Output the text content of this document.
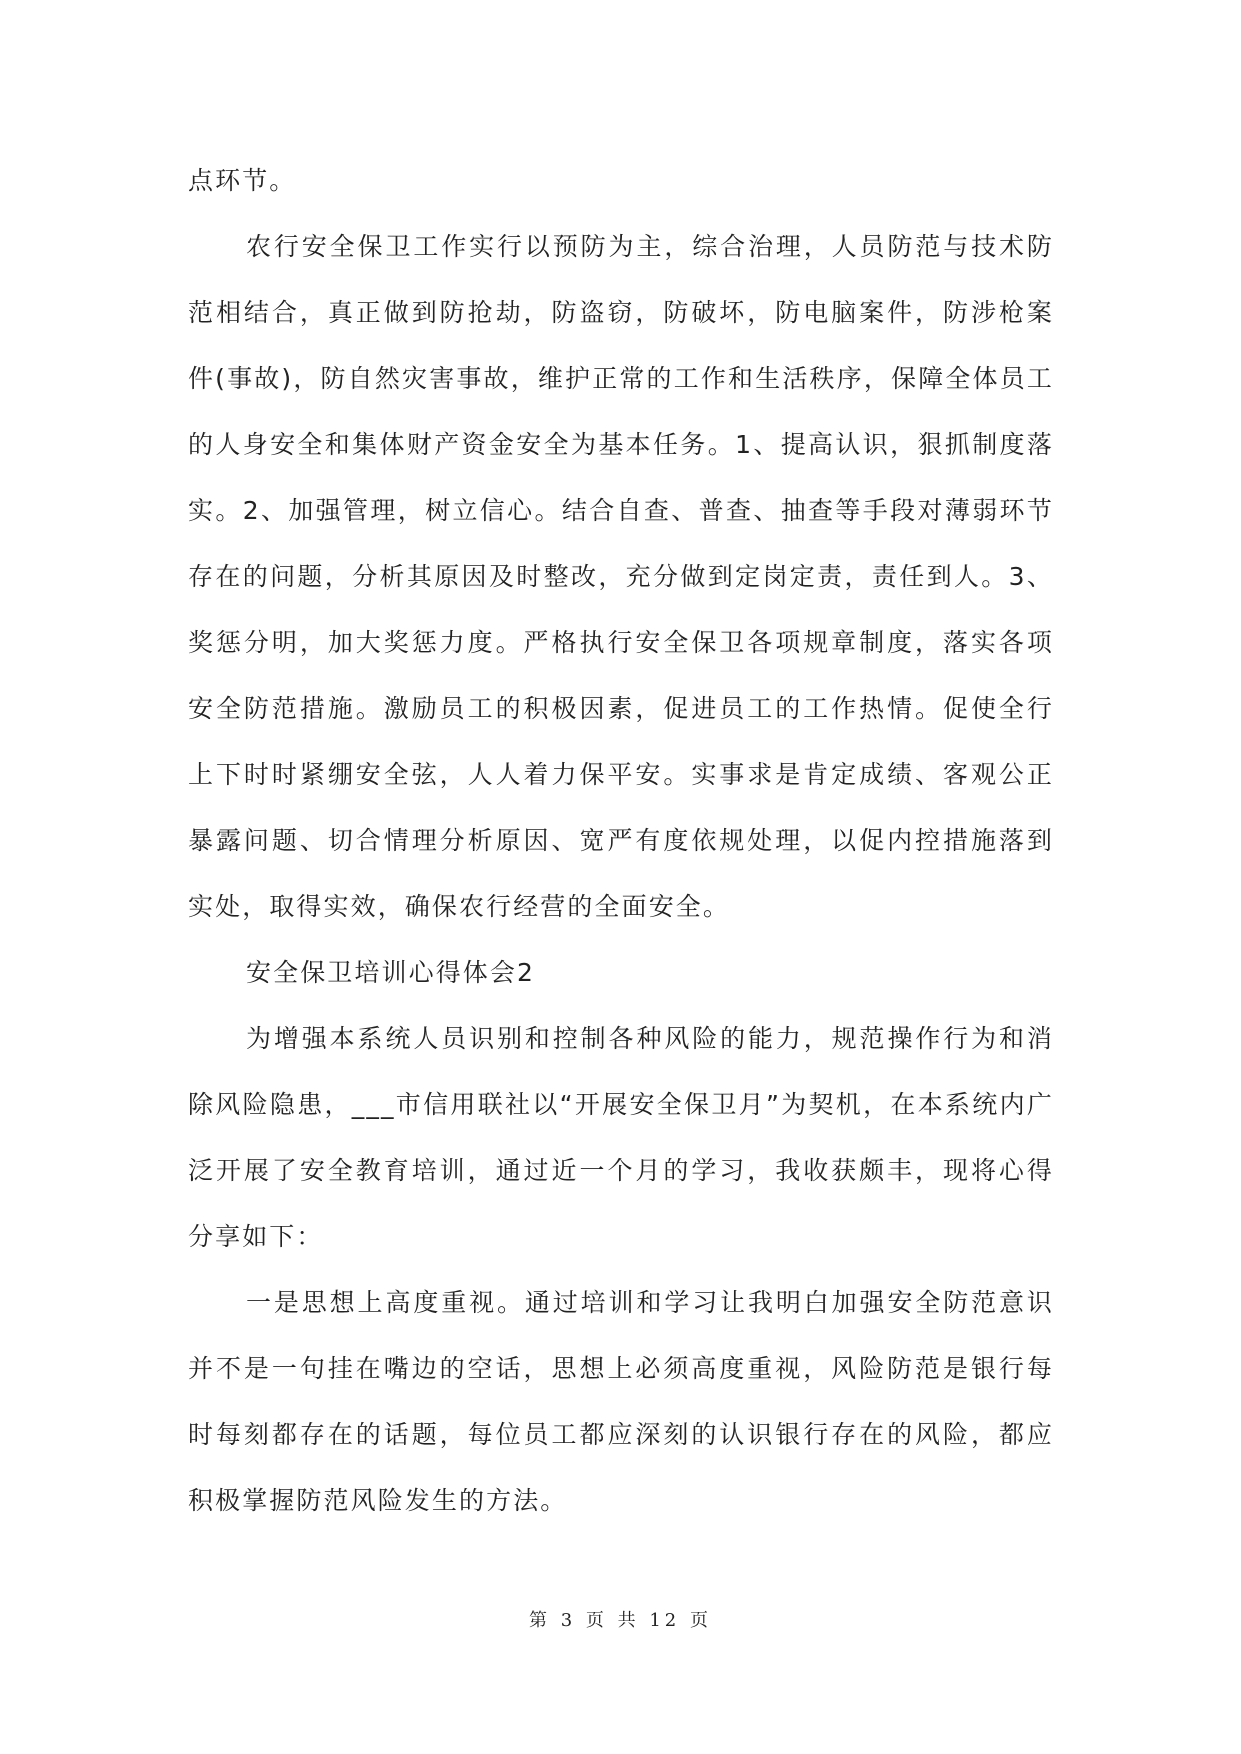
点环节。

农行安全保卫工作实行以预防为主，综合治理，人员防范与技术防范相结合，真正做到防抢劫，防盗窃，防破坏，防电脑案件，防涉枪案件(事故)，防自然灾害事故，维护正常的工作和生活秩序，保障全体员工的人身安全和集体财产资金安全为基本任务。1、提高认识，狠抓制度落实。2、加强管理，树立信心。结合自查、普查、抽查等手段对薄弱环节存在的问题，分析其原因及时整改，充分做到定岗定责，责任到人。3、奖惩分明，加大奖惩力度。严格执行安全保卫各项规章制度，落实各项安全防范措施。激励员工的积极因素，促进员工的工作热情。促使全行上下时时紧绷安全弦，人人着力保平安。实事求是肯定成绩、客观公正暴露问题、切合情理分析原因、宽严有度依规处理，以促内控措施落到实处，取得实效，确保农行经营的全面安全。

安全保卫培训心得体会2

为增强本系统人员识别和控制各种风险的能力，规范操作行为和消除风险隐患，___市信用联社以“开展安全保卫月”为契机，在本系统内广泛开展了安全教育培训，通过近一个月的学习，我收获颇丰，现将心得分享如下：

一是思想上高度重视。通过培训和学习让我明白加强安全防范意识并不是一句挂在嘴边的空话，思想上必须高度重视，风险防范是银行每时每刻都存在的话题，每位员工都应深刻的认识银行存在的风险，都应积极掌握防范风险发生的方法。

第 3 页 共 12 页
